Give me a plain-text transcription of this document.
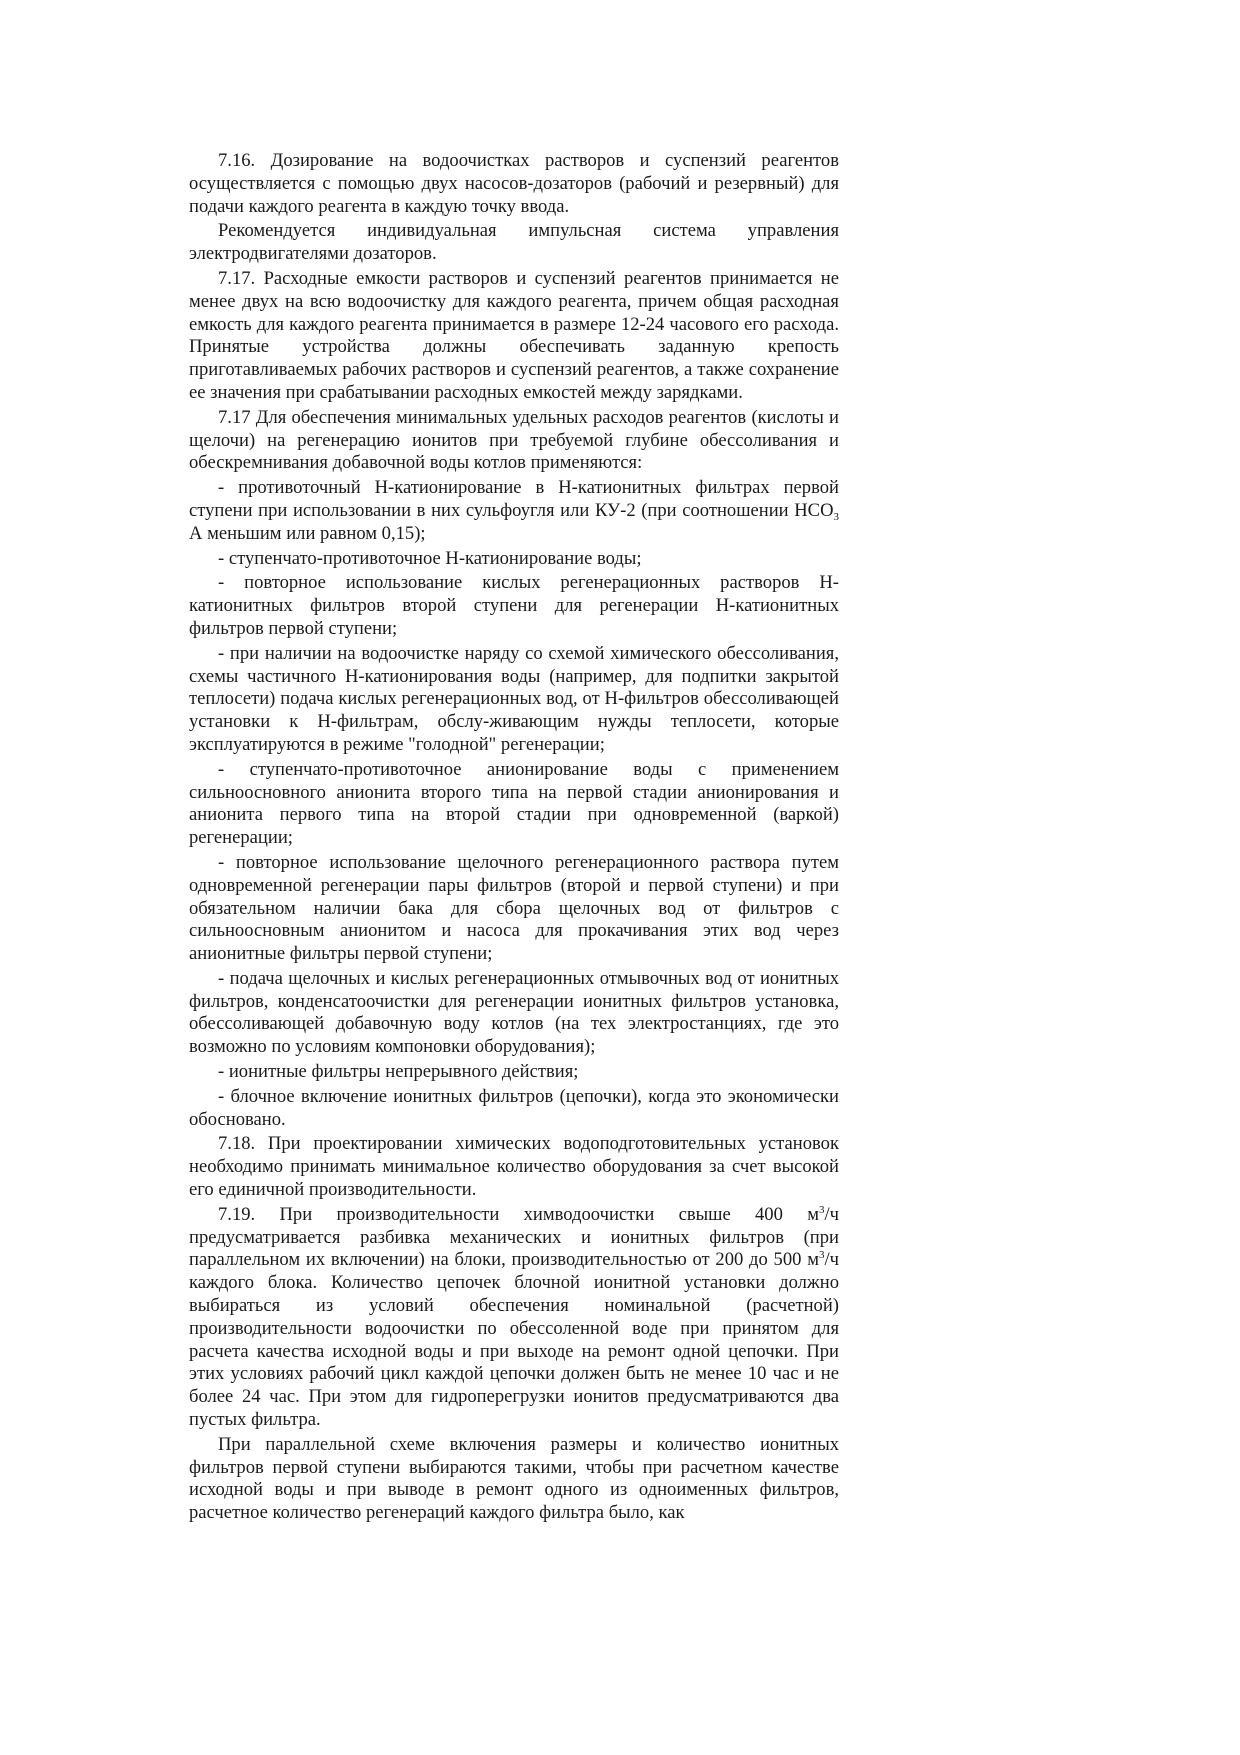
7.16. Дозирование на водоочистках растворов и суспензий реагентов осуществляется с помощью двух насосов-дозаторов (рабочий и резервный) для подачи каждого реагента в каждую точку ввода.

Рекомендуется индивидуальная импульсная система управления электродвигателями дозаторов.

7.17. Расходные емкости растворов и суспензий реагентов принимается не менее двух на всю водоочистку для каждого реагента, причем общая расходная емкость для каждого реагента принимается в размере 12-24 часового его расхода. Принятые устройства должны обеспечивать заданную крепость приготавливаемых рабочих растворов и суспензий реагентов, а также сохранение ее значения при срабатывании расходных емкостей между зарядками.

7.17 Для обеспечения минимальных удельных расходов реагентов (кислоты и щелочи) на регенерацию ионитов при требуемой глубине обессоливания и обескремнивания добавочной воды котлов применяются:

- противоточный Н-катионирование в Н-катионитных фильтрах первой ступени при использовании в них сульфоугля или КУ-2 (при соотношении $НСО_3$   А меньшим или равном 0,15);

- ступенчато-противоточное Н-катионирование воды;

- повторное использование кислых регенерационных растворов Н-катионитных фильтров второй ступени для регенерации Н-катионитных фильтров первой ступени;

- при наличии на водоочистке наряду со схемой химического обессоливания, схемы частичного Н-катионирования воды (например, для подпитки закрытой теплосети) подача кислых регенерационных вод, от Н-фильтров обессоливающей установки к Н-фильтрам, обслу-живающим нужды теплосети, которые эксплуатируются в режиме "голодной" регенерации;

- ступенчато-противоточное анионирование воды с применением сильноосновного анионита второго типа на первой стадии анионирования и анионита первого типа на второй стадии при одновременной (варкой) регенерации;

- повторное использование щелочного регенерационного раствора путем одновременной регенерации пары фильтров (второй и первой ступени) и при обязательном наличии бака для сбора щелочных вод от фильтров с сильноосновным анионитом и насоса для прокачивания этих вод через анионитные фильтры первой ступени;

- подача щелочных и кислых регенерационных отмывочных вод от ионитных фильтров, конденсатоочистки для регенерации ионитных фильтров установка, обессоливающей добавочную воду котлов (на тех электростанциях, где это возможно по условиям компоновки оборудования);

- ионитные фильтры непрерывного действия;

- блочное включение ионитных фильтров (цепочки), когда это экономически обосновано.

7.18. При проектировании химических водоподготовительных установок необходимо принимать минимальное количество оборудования за счет высокой его единичной производительности.

7.19. При производительности химводоочистки свыше 400 $м^3/ч$ предусматривается разбивка механических и ионитных фильтров (при параллельном их включении) на блоки, производительностью от 200 до 500 $м^3/ч$ каждого блока. Количество цепочек блочной ионитной установки должно выбираться из условий обеспечения номинальной (расчетной) производительности водоочистки по обессоленной воде при принятом для расчета качества исходной воды и при выходе на ремонт одной цепочки. При этих условиях рабочий цикл каждой цепочки должен быть не менее 10 час и не более 24 час. При этом для гидроперегрузки ионитов предусматриваются два пустых фильтра.

При параллельной схеме включения размеры и количество ионитных фильтров первой ступени выбираются такими, чтобы при расчетном качестве исходной воды и при выводе в ремонт одного из одноименных фильтров, расчетное количество регенераций каждого фильтра было, как
